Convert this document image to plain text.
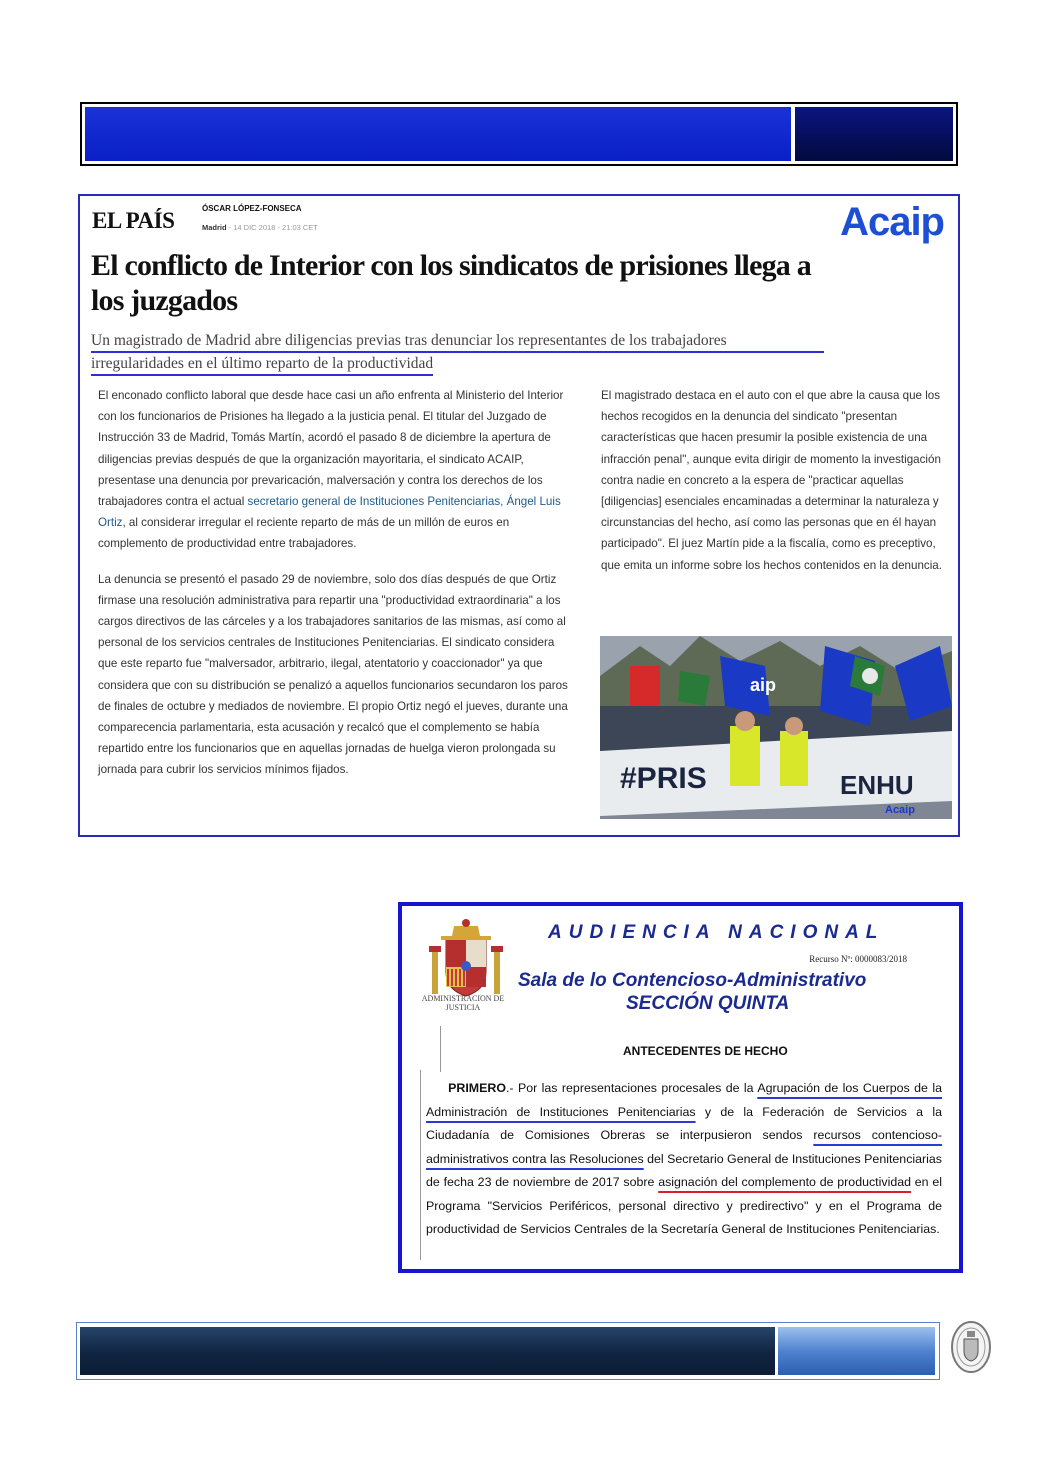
EL PAÍS	ÓSCAR LÓPEZ-FONSECA
Madrid - 14 DIC 2018 - 21:03 CET	Acaip
El conflicto de Interior con los sindicatos de prisiones llega a los juzgados
Un magistrado de Madrid abre diligencias previas tras denunciar los representantes de los trabajadores
irregularidades en el último reparto de la productividad

El enconado conflicto laboral que desde hace casi un año enfrenta al Ministerio del Interior con los funcionarios de Prisiones ha llegado a la justicia penal. El titular del Juzgado de Instrucción 33 de Madrid, Tomás Martín, acordó el pasado 8 de diciembre la apertura de diligencias previas después de que la organización mayoritaria, el sindicato ACAIP, presentase una denuncia por prevaricación, malversación y contra los derechos de los trabajadores contra el actual secretario general de Instituciones Penitenciarias, Ángel Luis Ortiz, al considerar irregular el reciente reparto de más de un millón de euros en complemento de productividad entre trabajadores.

La denuncia se presentó el pasado 29 de noviembre, solo dos días después de que Ortiz firmase una resolución administrativa para repartir una "productividad extraordinaria" a los cargos directivos de las cárceles y a los trabajadores sanitarios de las mismas, así como al personal de los servicios centrales de Instituciones Penitenciarias. El sindicato considera que este reparto fue "malversador, arbitrario, ilegal, atentatorio y coaccionador" ya que considera que con su distribución se penalizó a aquellos funcionarios secundaron los paros de finales de octubre y mediados de noviembre. El propio Ortiz negó el jueves, durante una comparecencia parlamentaria, esta acusación y recalcó que el complemento se había repartido entre los funcionarios que en aquellas jornadas de huelga vieron prolongada su jornada para cubrir los servicios mínimos fijados.

El magistrado destaca en el auto con el que abre la causa que los hechos recogidos en la denuncia del sindicato "presentan características que hacen presumir la posible existencia de una infracción penal", aunque evita dirigir de momento la investigación contra nadie en concreto a la espera de "practicar aquellas [diligencias] esenciales encaminadas a determinar la naturaleza y circunstancias del hecho, así como las personas que en él hayan participado". El juez Martín pide a la fiscalía, como es preceptivo, que emita un informe sobre los hechos contenidos en la denuncia.

#PRIS	ENHU
aip
Acaip
ADMINISTRACION DE JUSTICIA
AUDIENCIA NACIONAL
Recurso Nº: 0000083/2018
Sala de lo Contencioso-Administrativo
SECCIÓN QUINTA
ANTECEDENTES DE HECHO
PRIMERO.- Por las representaciones procesales de la Agrupación de los Cuerpos de la Administración de Instituciones Penitenciarias y de la Federación de Servicios a la Ciudadanía de Comisiones Obreras se interpusieron sendos recursos contencioso-administrativos contra las Resoluciones del Secretario General de Instituciones Penitenciarias de fecha 23 de noviembre de 2017 sobre asignación del complemento de productividad en el Programa "Servicios Periféricos, personal directivo y predirectivo" y en el Programa de productividad de Servicios Centrales de la Secretaría General de Instituciones Penitenciarias.
